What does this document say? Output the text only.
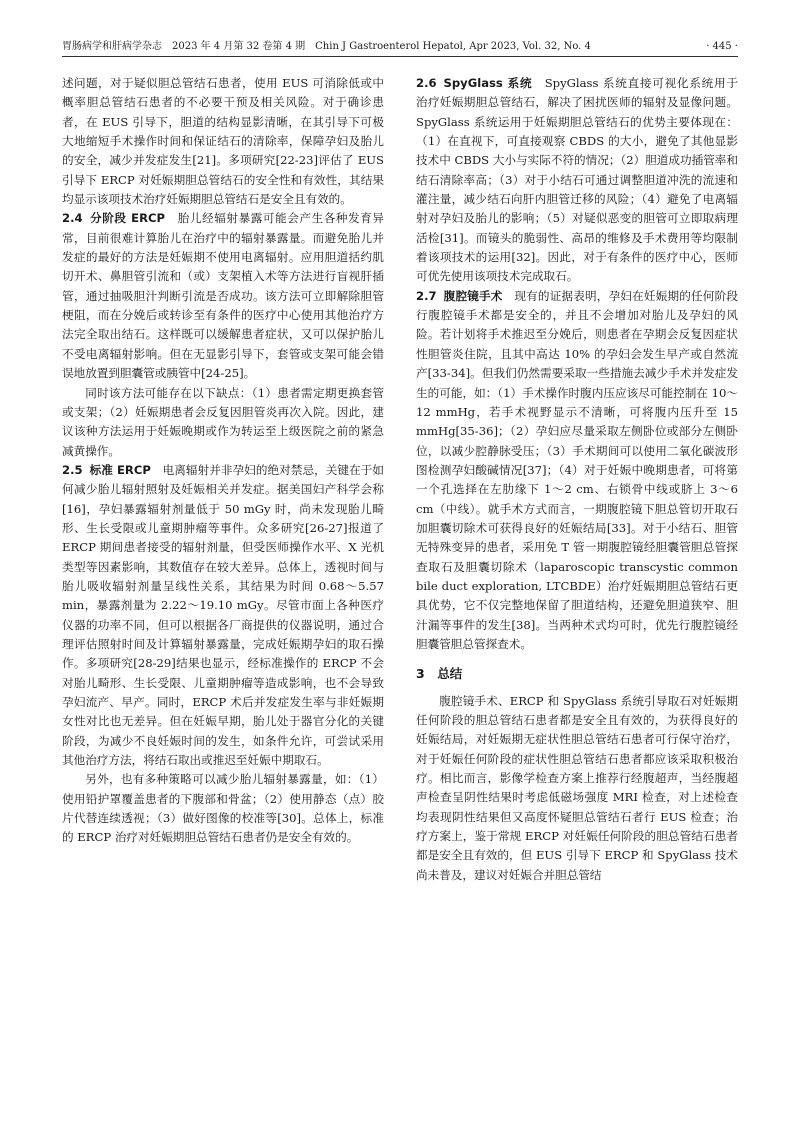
胃肠病学和肝病学杂志　2023 年 4 月第 32 卷第 4 期　Chin J Gastroenterol Hepatol, Apr 2023, Vol. 32, No. 4	· 445 ·

述问题，对于疑似胆总管结石患者，使用 EUS 可消除低或中概率胆总管结石患者的不必要干预及相关风险。对于确诊患者，在 EUS 引导下，胆道的结构显影清晰，在其引导下可极大地缩短手术操作时间和保证结石的清除率，保障孕妇及胎儿的安全，减少并发症发生[21]。多项研究[22-23]评估了 EUS 引导下 ERCP 对妊娠期胆总管结石的安全性和有效性，其结果均显示该项技术治疗妊娠期胆总管结石是安全且有效的。

2.4 分阶段 ERCP　 胎儿经辐射暴露可能会产生各种发育异常，目前很难计算胎儿在治疗中的辐射暴露量。而避免胎儿并发症的最好的方法是妊娠期不使用电离辐射。应用胆道括约肌切开术、鼻胆管引流和（或）支架植入术等方法进行盲视肝插管，通过抽吸胆汁判断引流是否成功。该方法可立即解除胆管梗阻，而在分娩后或转诊至有条件的医疗中心使用其他治疗方法完全取出结石。这样既可以缓解患者症状，又可以保护胎儿不受电离辐射影响。但在无显影引导下，套管或支架可能会错误地放置到胆囊管或胰管中[24-25]。

同时该方法可能存在以下缺点：（1）患者需定期更换套管或支架；（2）妊娠期患者会反复因胆管炎再次入院。因此，建议该种方法运用于妊娠晚期或作为转运至上级医院之前的紧急减黄操作。

2.5 标准 ERCP　 电离辐射并非孕妇的绝对禁忌，关键在于如何减少胎儿辐射照射及妊娠相关并发症。据美国妇产科学会称[16]，孕妇暴露辐射剂量低于 50 mGy 时，尚未发现胎儿畸形、生长受限或儿童期肿瘤等事件。众多研究[26-27]报道了 ERCP 期间患者接受的辐射剂量，但受医师操作水平、X 光机类型等因素影响，其数值存在较大差异。总体上，透视时间与胎儿吸收辐射剂量呈线性关系，其结果为时间 0.68～5.57 min，暴露剂量为 2.22～19.10 mGy。尽管市面上各种医疗仪器的功率不同，但可以根据各厂商提供的仪器说明，通过合理评估照射时间及计算辐射暴露量，完成妊娠期孕妇的取石操作。多项研究[28-29]结果也显示，经标准操作的 ERCP 不会对胎儿畸形、生长受限、儿童期肿瘤等造成影响，也不会导致孕妇流产、早产。同时，ERCP 术后并发症发生率与非妊娠期女性对比也无差异。但在妊娠早期，胎儿处于器官分化的关键阶段，为减少不良妊娠时间的发生，如条件允许，可尝试采用其他治疗方法，将结石取出或推迟至妊娠中期取石。

另外，也有多种策略可以减少胎儿辐射暴露量，如：（1）使用铅护罩覆盖患者的下腹部和骨盆；（2）使用静态（点）胶片代替连续透视；（3）做好图像的校准等[30]。总体上，标准的 ERCP 治疗对妊娠期胆总管结石患者仍是安全有效的。

2.6 SpyGlass 系统　 SpyGlass 系统直接可视化系统用于治疗妊娠期胆总管结石，解决了困扰医师的辐射及显像问题。SpyGlass 系统运用于妊娠期胆总管结石的优势主要体现在：（1）在直视下，可直接观察 CBDS 的大小，避免了其他显影技术中 CBDS 大小与实际不符的情况；（2）胆道成功插管率和结石清除率高；（3）对于小结石可通过调整胆道冲洗的流速和灌注量，减少结石向肝内胆管迁移的风险；（4）避免了电离辐射对孕妇及胎儿的影响；（5）对疑似恶变的胆管可立即取病理活检[31]。而镜头的脆弱性、高昂的维修及手术费用等均限制着该项技术的运用[32]。因此，对于有条件的医疗中心，医师可优先使用该项技术完成取石。

2.7 腹腔镜手术　 现有的证据表明，孕妇在妊娠期的任何阶段行腹腔镜手术都是安全的，并且不会增加对胎儿及孕妇的风险。若计划将手术推迟至分娩后，则患者在孕期会反复因症状性胆管炎住院，且其中高达 10% 的孕妇会发生早产或自然流产[33-34]。但我们仍然需要采取一些措施去减少手术并发症发生的可能，如：（1）手术操作时腹内压应该尽可能控制在 10～12 mmHg，若手术视野显示不清晰，可将腹内压升至 15 mmHg[35-36]；（2）孕妇应尽量采取左侧卧位或部分左侧卧位，以减少腔静脉受压；（3）手术期间可以使用二氧化碳波形图检测孕妇酸碱情况[37]；（4）对于妊娠中晚期患者，可将第一个孔选择在左肋缘下 1～2 cm、右锁骨中线或脐上 3～6 cm（中线）。就手术方式而言，一期腹腔镜下胆总管切开取石加胆囊切除术可获得良好的妊娠结局[33]。对于小结石、胆管无特殊变异的患者，采用免 T 管一期腹腔镜经胆囊管胆总管探查取石及胆囊切除术（laparoscopic transcystic common bile duct exploration, LTCBDE）治疗妊娠期胆总管结石更具优势，它不仅完整地保留了胆道结构，还避免胆道狭窄、胆汁漏等事件的发生[38]。当两种术式均可时，优先行腹腔镜经胆囊管胆总管探查术。

3 总结

腹腔镜手术、ERCP 和 SpyGlass 系统引导取石对妊娠期任何阶段的胆总管结石患者都是安全且有效的，为获得良好的妊娠结局，对妊娠期无症状性胆总管结石患者可行保守治疗，对于妊娠任何阶段的症状性胆总管结石患者都应该采取积极治疗。相比而言，影像学检查方案上推荐行经腹超声，当经腹超声检查呈阴性结果时考虑低磁场强度 MRI 检查，对上述检查均表现阴性结果但又高度怀疑胆总管结石者行 EUS 检查；治疗方案上，鉴于常规 ERCP 对妊娠任何阶段的胆总管结石患者都是安全且有效的，但 EUS 引导下 ERCP 和 SpyGlass 技术尚未普及，建议对妊娠合并胆总管结
